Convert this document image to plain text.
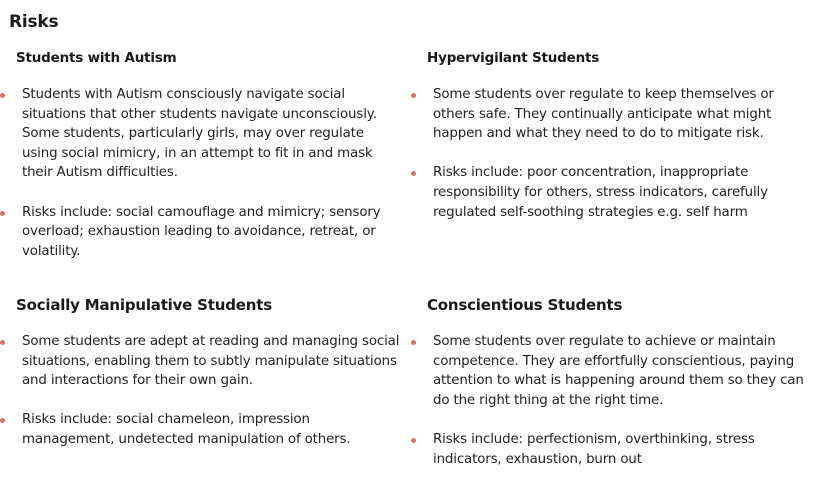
Risks
Students with Autism
Students with Autism consciously navigate social situations that other students navigate unconsciously. Some students, particularly girls, may over regulate using social mimicry, in an attempt to fit in and mask their Autism difficulties.
Risks include: social camouflage and mimicry; sensory overload; exhaustion leading to avoidance, retreat, or volatility.
Hypervigilant Students
Some students over regulate to keep themselves or others safe. They continually anticipate what might happen and what they need to do to mitigate risk.
Risks include: poor concentration, inappropriate responsibility for others, stress indicators, carefully regulated self-soothing strategies e.g. self harm
Socially Manipulative Students
Some students are adept at reading and managing social situations, enabling them to subtly manipulate situations and interactions for their own gain.
Risks include: social chameleon, impression management, undetected manipulation of others.
Conscientious Students
Some students over regulate to achieve or maintain competence. They are effortfully conscientious, paying attention to what is happening around them so they can do the right thing at the right time.
Risks include: perfectionism, overthinking, stress indicators, exhaustion, burn out
